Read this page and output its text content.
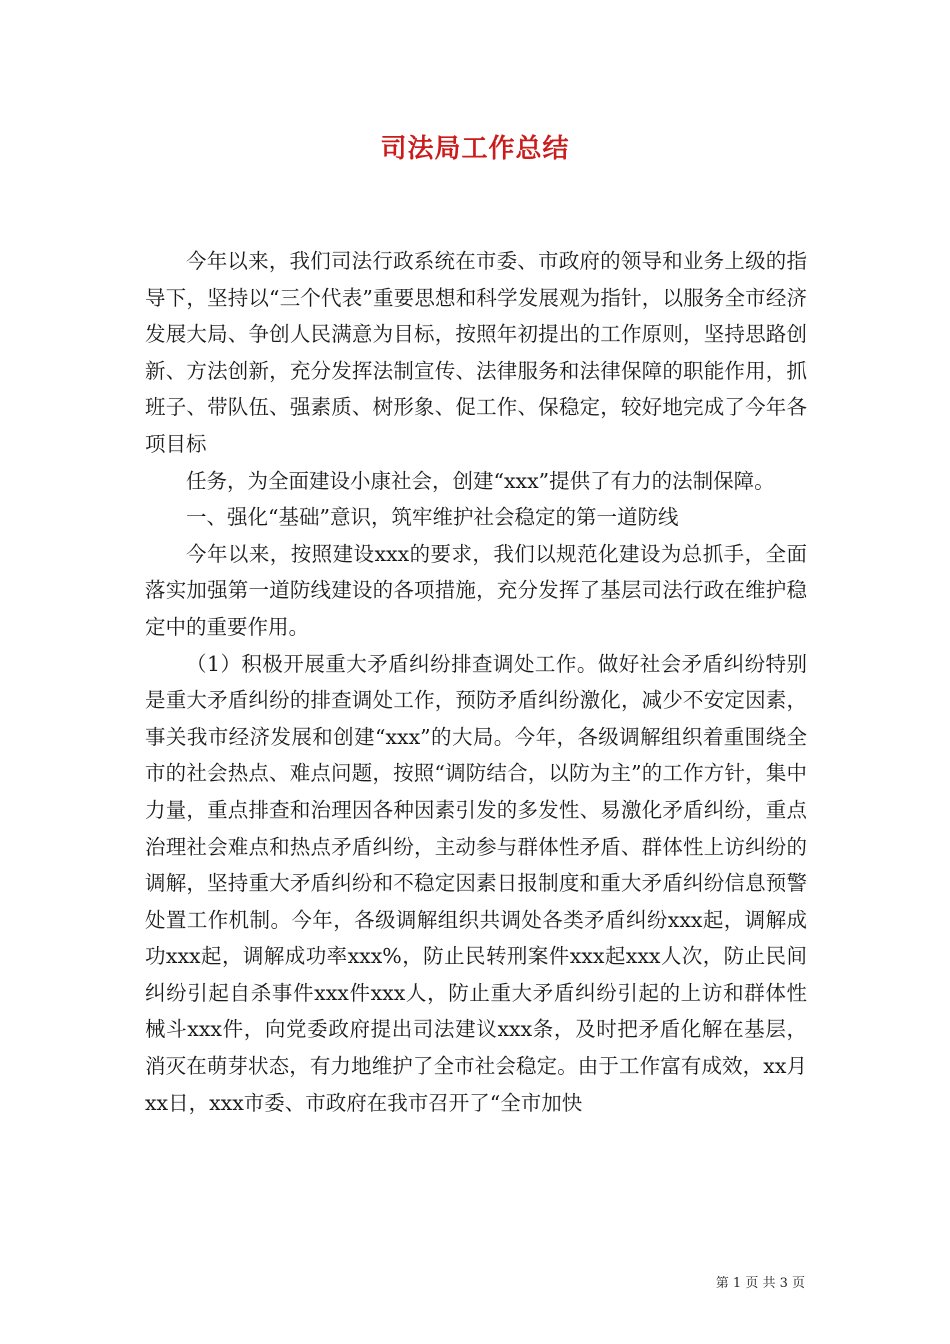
司法局工作总结

今年以来，我们司法行政系统在市委、市政府的领导和业务上级的指导下，坚持以“三个代表”重要思想和科学发展观为指针，以服务全市经济发展大局、争创人民满意为目标，按照年初提出的工作原则，坚持思路创新、方法创新，充分发挥法制宣传、法律服务和法律保障的职能作用，抓班子、带队伍、强素质、树形象、促工作、保稳定，较好地完成了今年各项目标

任务，为全面建设小康社会，创建“xxx”提供了有力的法制保障。

一、强化“基础”意识，筑牢维护社会稳定的第一道防线

今年以来，按照建设xxx的要求，我们以规范化建设为总抓手，全面落实加强第一道防线建设的各项措施，充分发挥了基层司法行政在维护稳定中的重要作用。

（1）积极开展重大矛盾纠纷排查调处工作。做好社会矛盾纠纷特别是重大矛盾纠纷的排查调处工作，预防矛盾纠纷激化，减少不安定因素，事关我市经济发展和创建“xxx”的大局。今年，各级调解组织着重围绕全市的社会热点、难点问题，按照“调防结合，以防为主”的工作方针，集中力量，重点排查和治理因各种因素引发的多发性、易激化矛盾纠纷，重点治理社会难点和热点矛盾纠纷，主动参与群体性矛盾、群体性上访纠纷的调解，坚持重大矛盾纠纷和不稳定因素日报制度和重大矛盾纠纷信息预警处置工作机制。今年，各级调解组织共调处各类矛盾纠纷xxx起，调解成功xxx起，调解成功率xxx%，防止民转刑案件xxx起xxx人次，防止民间纠纷引起自杀事件xxx件xxx人，防止重大矛盾纠纷引起的上访和群体性械斗xxx件，向党委政府提出司法建议xxx条，及时把矛盾化解在基层，消灭在萌芽状态，有力地维护了全市社会稳定。由于工作富有成效，xx月xx日，xxx市委、市政府在我市召开了“全市加快

第 1 页 共 3 页
